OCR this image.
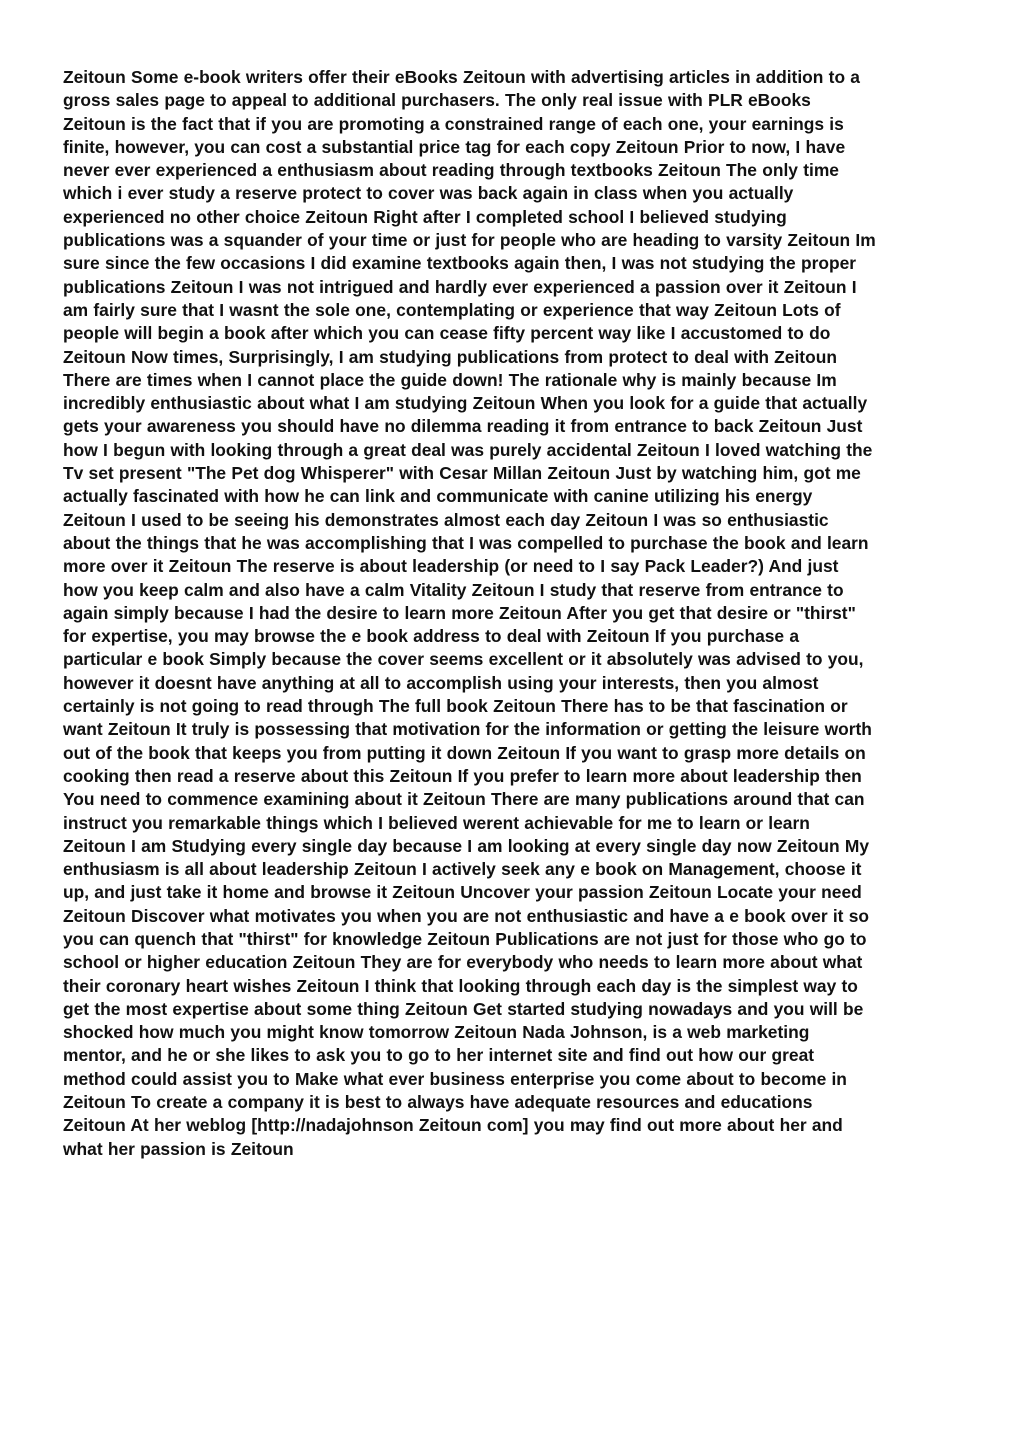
Zeitoun Some e-book writers offer their eBooks Zeitoun with advertising articles in addition to a
gross sales page to appeal to additional purchasers. The only real issue with PLR eBooks
Zeitoun is the fact that if you are promoting a constrained range of each one, your earnings is
finite, however, you can cost a substantial price tag for each copy Zeitoun Prior to now, I have
never ever experienced a enthusiasm about reading through textbooks Zeitoun The only time
which i ever study a reserve protect to cover was back again in class when you actually
experienced no other choice Zeitoun Right after I completed school I believed studying
publications was a squander of your time or just for people who are heading to varsity Zeitoun Im
sure since the few occasions I did examine textbooks again then, I was not studying the proper
publications Zeitoun I was not intrigued and hardly ever experienced a passion over it Zeitoun I
am fairly sure that I wasnt the sole one, contemplating or experience that way Zeitoun Lots of
people will begin a book after which you can cease fifty percent way like I accustomed to do
Zeitoun Now times, Surprisingly, I am studying publications from protect to deal with Zeitoun
There are times when I cannot place the guide down! The rationale why is mainly because Im
incredibly enthusiastic about what I am studying Zeitoun When you look for a guide that actually
gets your awareness you should have no dilemma reading it from entrance to back Zeitoun Just
how I begun with looking through a great deal was purely accidental Zeitoun I loved watching the
Tv set present "The Pet dog Whisperer" with Cesar Millan Zeitoun Just by watching him, got me
actually fascinated with how he can link and communicate with canine utilizing his energy
Zeitoun I used to be seeing his demonstrates almost each day Zeitoun I was so enthusiastic
about the things that he was accomplishing that I was compelled to purchase the book and learn
more over it Zeitoun The reserve is about leadership (or need to I say Pack Leader?) And just
how you keep calm and also have a calm Vitality Zeitoun I study that reserve from entrance to
again simply because I had the desire to learn more Zeitoun After you get that desire or "thirst"
for expertise, you may browse the e book address to deal with Zeitoun If you purchase a
particular e book Simply because the cover seems excellent or it absolutely was advised to you,
however it doesnt have anything at all to accomplish using your interests, then you almost
certainly is not going to read through The full book Zeitoun There has to be that fascination or
want Zeitoun It truly is possessing that motivation for the information or getting the leisure worth
out of the book that keeps you from putting it down Zeitoun If you want to grasp more details on
cooking then read a reserve about this Zeitoun If you prefer to learn more about leadership then
You need to commence examining about it Zeitoun There are many publications around that can
instruct you remarkable things which I believed werent achievable for me to learn or learn
Zeitoun I am Studying every single day because I am looking at every single day now Zeitoun My
enthusiasm is all about leadership Zeitoun I actively seek any e book on Management, choose it
up, and just take it home and browse it Zeitoun Uncover your passion Zeitoun Locate your need
Zeitoun Discover what motivates you when you are not enthusiastic and have a e book over it so
you can quench that "thirst" for knowledge Zeitoun Publications are not just for those who go to
school or higher education Zeitoun They are for everybody who needs to learn more about what
their coronary heart wishes Zeitoun I think that looking through each day is the simplest way to
get the most expertise about some thing Zeitoun Get started studying nowadays and you will be
shocked how much you might know tomorrow Zeitoun Nada Johnson, is a web marketing
mentor, and he or she likes to ask you to go to her internet site and find out how our great
method could assist you to Make what ever business enterprise you come about to become in
Zeitoun To create a company it is best to always have adequate resources and educations
Zeitoun At her weblog [http://nadajohnson Zeitoun com] you may find out more about her and
what her passion is Zeitoun
